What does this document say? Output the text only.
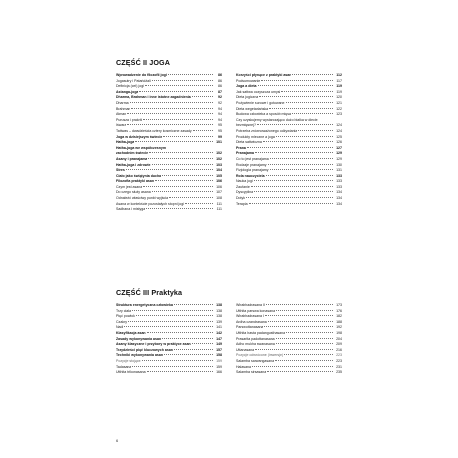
CZĘŚĆ II JOGA
Wprowadzenie do filozofii jogi	86
Jogasutry i Patańdżali	86
Definicja (cel) jogi	86
Astanga-joga	87
Dharma, Brahman i inne istotne zagadnienia	92
Dharma	92
Brahman	94
Atman	94
Purusza i prakriti	94
Iśwara	95
Tattwas – dwadzieścia cztery kosmiczne zasady	95
Joga w dzisiejszym świecie	99
Hatha-joga	101
Hatha-joga we współczesnym
zachodnim świecie	102
Asany i pranajama	102
Hatha-joga i zdrowie	103
Stres	104
Ciało jako świątynia ducha	105
Filozofia praktyki asan	106
Czym jest asana	106
Do czego służy asana	107
Odnaleźć właściwy punkt wyjścia	108
Asana w kontekście pozostałych stopni jogi	111
Sadhana i mistyga	111
Korzyści płynące z praktyki asan	112
Podsumowanie	117
Joga a dieta	119
Jak sattwa oczyszcza umysł	119
Dieta jogiczna	120
Pożywienie surowe i gotowane	121
Dieta wegetariańska	122
Budowa człowieka a sposób mięsa	123
Czy uzyskujemy wystarczająco dużo białka w diecie
bezmięsnej?	124
Potrzeba zrównoważonego odżywiania	124
Produkty mleczne a joga	125
Dieta sattwiczna	126
Prana	127
Pranajama	129
Co to jest pranajama	129
Rodzaje pranajamy	130
Fizjologia pranajamy	131
Rola nauczyciela	133
Nauka jogi	133
Zaufanie	133
Dyscyplina	134
Dotyk	134
Terapia	134
CZĘŚĆ III Praktyka
Struktura energetyczna człowieka	138
Trzy ciała	138
Pięć powłok	138
Czakry	139
Nadi	141
Klasyfikacja asan	142
Zasady wykonywania asan	147
Asany klasyczne i przybory w praktyce asan	149
Trzydzieści pięć kluczowych asan	157
Techniki wykonywania asan	158
Pozycje stojące	159
Tadasana	159
Utthita trikonasana	166
Wirabhadrasana II	173
Utthita parswa konasana	176
Wirabhadrasana I	182
Ardha czandrasana	188
Parswottanasana	192
Utthita hasta padangusthasana	198
Prasarita padottanasana	204
Adho mukha swanasana	209
Uttanasana	216
Pozycje odwrócone (inwersje)	223
Salamba sarwangasana	223
Halasana	231
Salamba sirsasana	235
6
